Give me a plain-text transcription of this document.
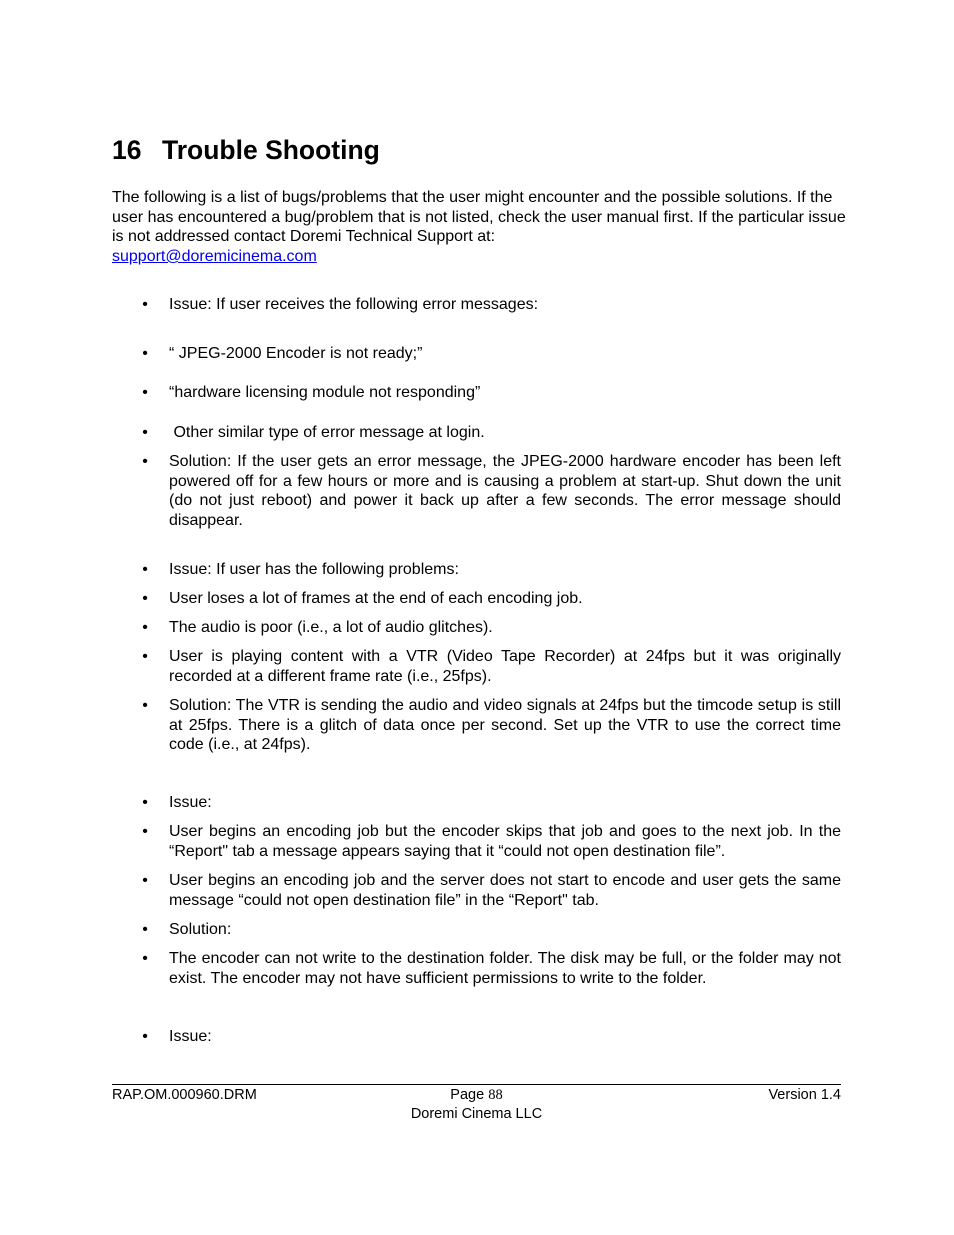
16 Trouble Shooting

The following is a list of bugs/problems that the user might encounter and the possible solutions. If the user has encountered a bug/problem that is not listed, check the user manual first. If the particular issue is not addressed contact Doremi Technical Support at:
support@doremicinema.com

• Issue: If user receives the following error messages:
• “ JPEG-2000 Encoder is not ready;”
• “hardware licensing module not responding”
• Other similar type of error message at login.
• Solution: If the user gets an error message, the JPEG-2000 hardware encoder has been left powered off for a few hours or more and is causing a problem at start-up. Shut down the unit (do not just reboot) and power it back up after a few seconds. The error message should disappear.
• Issue: If user has the following problems:
• User loses a lot of frames at the end of each encoding job.
• The audio is poor (i.e., a lot of audio glitches).
• User is playing content with a VTR (Video Tape Recorder) at 24fps but it was originally recorded at a different frame rate (i.e., 25fps).
• Solution: The VTR is sending the audio and video signals at 24fps but the timcode setup is still at 25fps. There is a glitch of data once per second. Set up the VTR to use the correct time code (i.e., at 24fps).
• Issue:
• User begins an encoding job but the encoder skips that job and goes to the next job. In the “Report" tab a message appears saying that it “could not open destination file”.
• User begins an encoding job and the server does not start to encode and user gets the same message “could not open destination file” in the “Report" tab.
• Solution:
• The encoder can not write to the destination folder. The disk may be full, or the folder may not exist. The encoder may not have sufficient permissions to write to the folder.
• Issue:
RAP.OM.000960.DRM	Page 88
Doremi Cinema LLC
Version 1.4
